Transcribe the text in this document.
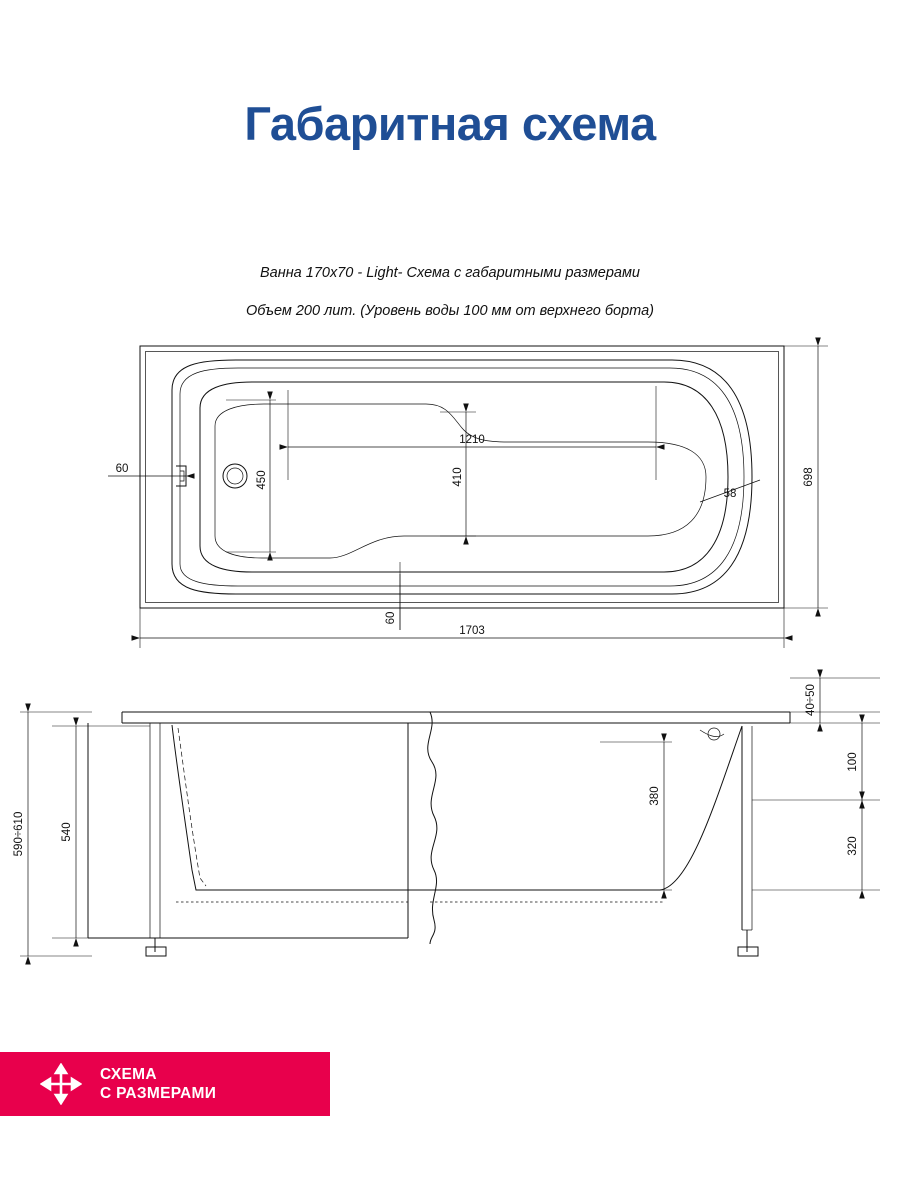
Габаритная схема
Ванна 170х70 - Light- Схема с габаритными размерами
Объем 200 лит. (Уровень воды 100 мм от верхнего борта)
1210
450	410
60
58
698
1703
60
590÷610	540
380
40÷50
100
320
СХЕМА
С РАЗМЕРАМИ
